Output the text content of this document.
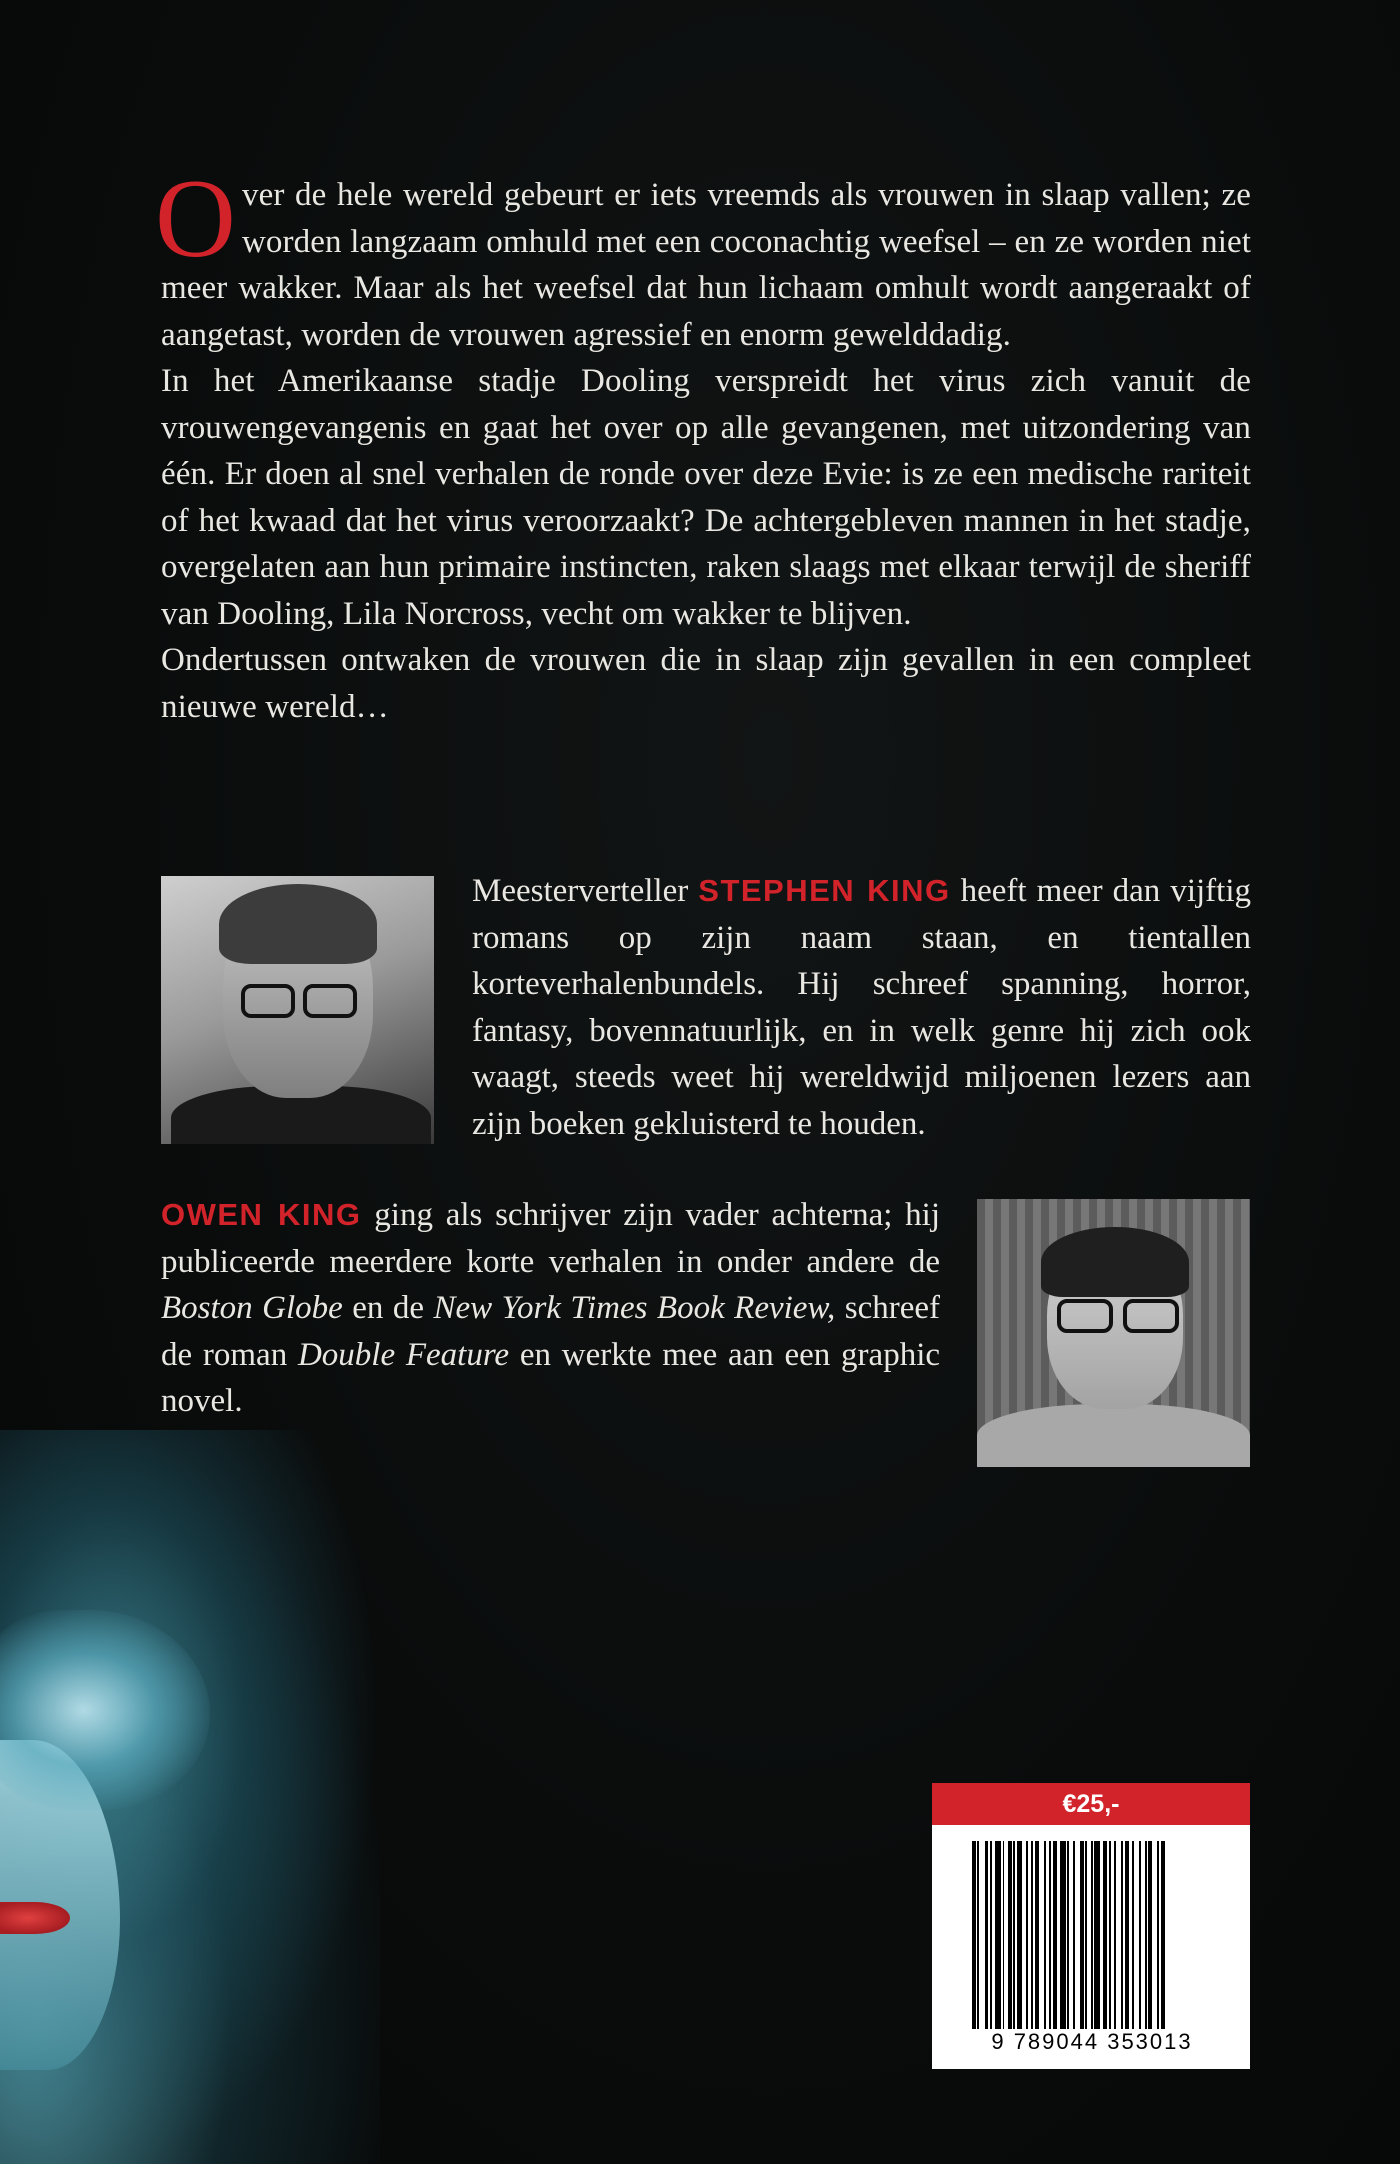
Over de hele wereld gebeurt er iets vreemds als vrouwen in slaap vallen; ze worden langzaam omhuld met een coconachtig weefsel – en ze worden niet meer wakker. Maar als het weefsel dat hun lichaam omhult wordt aangeraakt of aangetast, worden de vrouwen agressief en enorm gewelddadig.

In het Amerikaanse stadje Dooling verspreidt het virus zich vanuit de vrouwengevangenis en gaat het over op alle gevangenen, met uitzondering van één. Er doen al snel verhalen de ronde over deze Evie: is ze een medische rariteit of het kwaad dat het virus veroorzaakt? De achtergebleven mannen in het stadje, overgelaten aan hun primaire instincten, raken slaags met elkaar terwijl de sheriff van Dooling, Lila Norcross, vecht om wakker te blijven.

Ondertussen ontwaken de vrouwen die in slaap zijn gevallen in een compleet nieuwe wereld…

Meesterverteller STEPHEN KING heeft meer dan vijftig romans op zijn naam staan, en tientallen korteverhalenbundels. Hij schreef spanning, horror, fantasy, bovennatuurlijk, en in welk genre hij zich ook waagt, steeds weet hij wereldwijd miljoenen lezers aan zijn boeken gekluisterd te houden.

OWEN KING ging als schrijver zijn vader achterna; hij publiceerde meerdere korte verhalen in onder andere de Boston Globe en de New York Times Book Review, schreef de roman Double Feature en werkte mee aan een graphic novel.

€25,-
9 789044 353013
